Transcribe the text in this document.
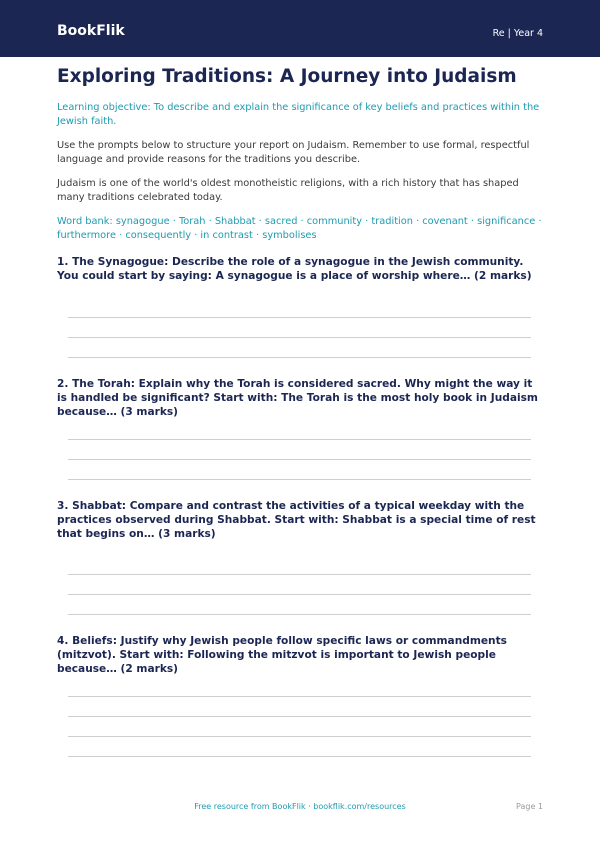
BookFlik	Re | Year 4
Exploring Traditions: A Journey into Judaism

Learning objective: To describe and explain the significance of key beliefs and practices within the Jewish faith.

Use the prompts below to structure your report on Judaism. Remember to use formal, respectful language and provide reasons for the traditions you describe.

Judaism is one of the world's oldest monotheistic religions, with a rich history that has shaped many traditions celebrated today.

Word bank: synagogue · Torah · Shabbat · sacred · community · tradition · covenant · significance · furthermore · consequently · in contrast · symbolises

1. The Synagogue: Describe the role of a synagogue in the Jewish community. You could start by saying: A synagogue is a place of worship where… (2 marks)

2. The Torah: Explain why the Torah is considered sacred. Why might the way it is handled be significant? Start with: The Torah is the most holy book in Judaism because… (3 marks)

3. Shabbat: Compare and contrast the activities of a typical weekday with the practices observed during Shabbat. Start with: Shabbat is a special time of rest that begins on… (3 marks)

4. Beliefs: Justify why Jewish people follow specific laws or commandments (mitzvot). Start with: Following the mitzvot is important to Jewish people because… (2 marks)

Free resource from BookFlik · bookflik.com/resources	Page 1
